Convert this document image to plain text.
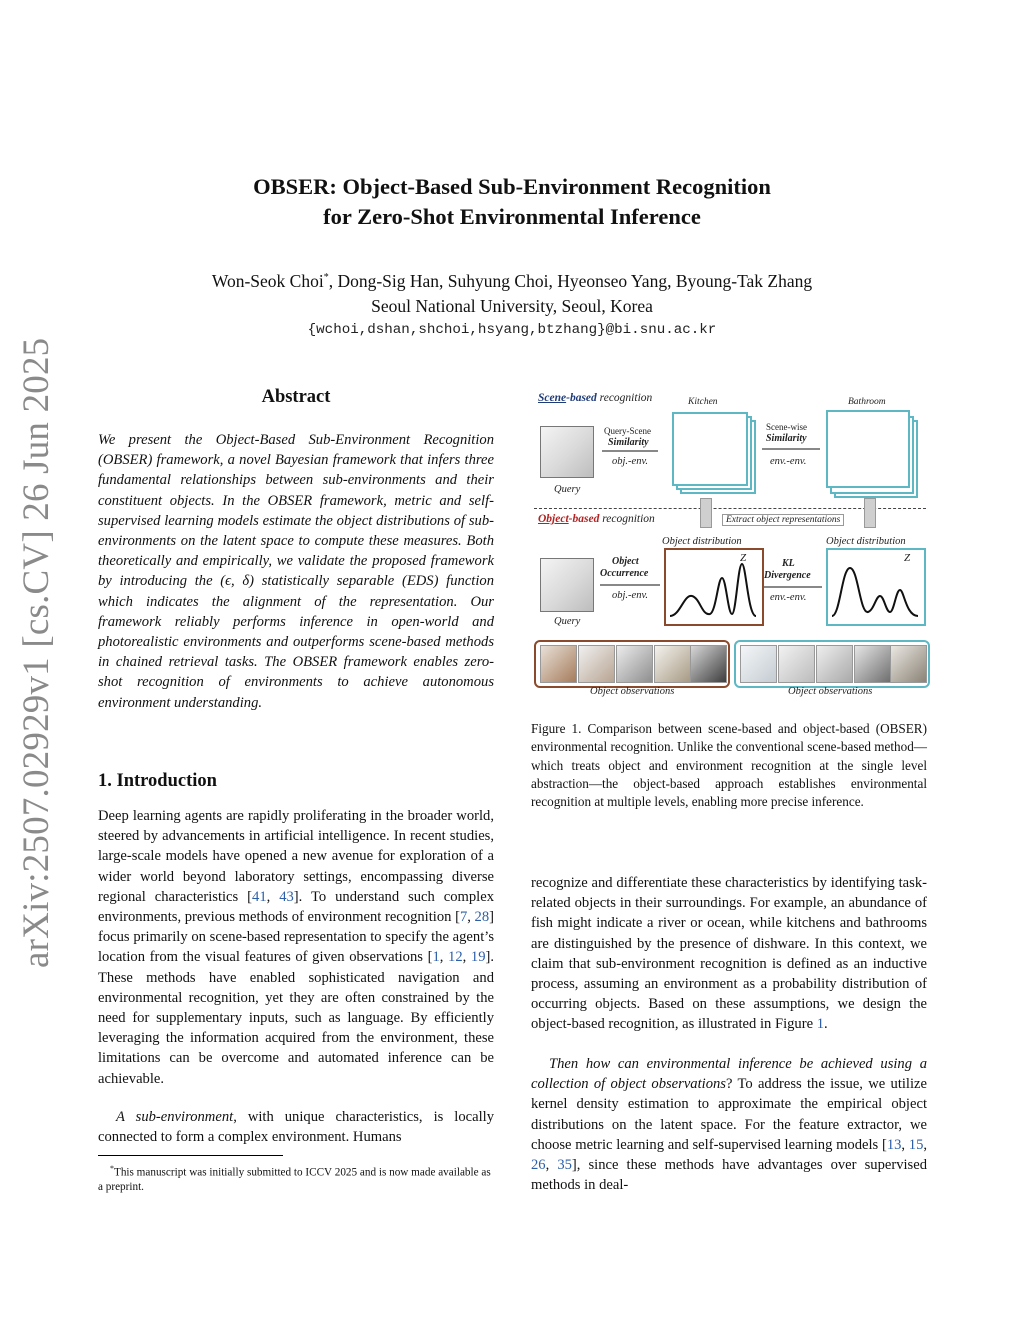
arXiv:2507.02929v1 [cs.CV] 26 Jun 2025
OBSER: Object-Based Sub-Environment Recognition
for Zero-Shot Environmental Inference
Won-Seok Choi*, Dong-Sig Han, Suhyung Choi, Hyeonseo Yang, Byoung-Tak Zhang
Seoul National University, Seoul, Korea
{wchoi,dshan,shchoi,hsyang,btzhang}@bi.snu.ac.kr
Abstract
We present the Object-Based Sub-Environment Recognition (OBSER) framework, a novel Bayesian framework that infers three fundamental relationships between sub-environments and their constituent objects. In the OBSER framework, metric and self-supervised learning models estimate the object distributions of sub-environments on the latent space to compute these measures. Both theoretically and empirically, we validate the proposed framework by introducing the (ϵ, δ) statistically separable (EDS) function which indicates the alignment of the representation. Our framework reliably performs inference in open-world and photorealistic environments and outperforms scene-based methods in chained retrieval tasks. The OBSER framework enables zero-shot recognition of environments to achieve autonomous environment understanding.
1. Introduction
Deep learning agents are rapidly proliferating in the broader world, steered by advancements in artificial intelligence. In recent studies, large-scale models have opened a new avenue for exploration of a wider world beyond laboratory settings, encompassing diverse regional characteristics [41, 43]. To understand such complex environments, previous methods of environment recognition [7, 28] focus primarily on scene-based representation to specify the agent’s location from the visual features of given observations [1, 12, 19]. These methods have enabled sophisticated navigation and environmental recognition, yet they are often constrained by the need for supplementary inputs, such as language. By efficiently leveraging the information acquired from the environment, these limitations can be overcome and automated inference can be achievable.
A sub-environment, with unique characteristics, is locally connected to form a complex environment. Humans
*This manuscript was initially submitted to ICCV 2025 and is now made available as a preprint.
Scene-based recognition
Query
Query-Scene
Similarity
obj.-env.
Kitchen
Scene-wise
Similarity
env.-env.
Bathroom
Object-based recognition	Extract object representations
Object distribution	Object distribution
Query
Object
Occurrence
obj.-env.
Z	KL
Divergence
env.-env.
Z
Object observations	Object observations
Figure 1. Comparison between scene-based and object-based (OBSER) environmental recognition. Unlike the conventional scene-based method—which treats object and environment recognition at the single level abstraction—the object-based approach establishes environmental recognition at multiple levels, enabling more precise inference.
recognize and differentiate these characteristics by identifying task-related objects in their surroundings. For example, an abundance of fish might indicate a river or ocean, while kitchens and bathrooms are distinguished by the presence of dishware. In this context, we claim that sub-environment recognition is defined as an inductive process, assuming an environment as a probability distribution of occurring objects. Based on these assumptions, we design the object-based recognition, as illustrated in Figure 1.
Then how can environmental inference be achieved using a collection of object observations? To address the issue, we utilize kernel density estimation to approximate the empirical object distributions on the latent space. For the feature extractor, we choose metric learning and self-supervised learning models [13, 15, 26, 35], since these methods have advantages over supervised methods in deal-
